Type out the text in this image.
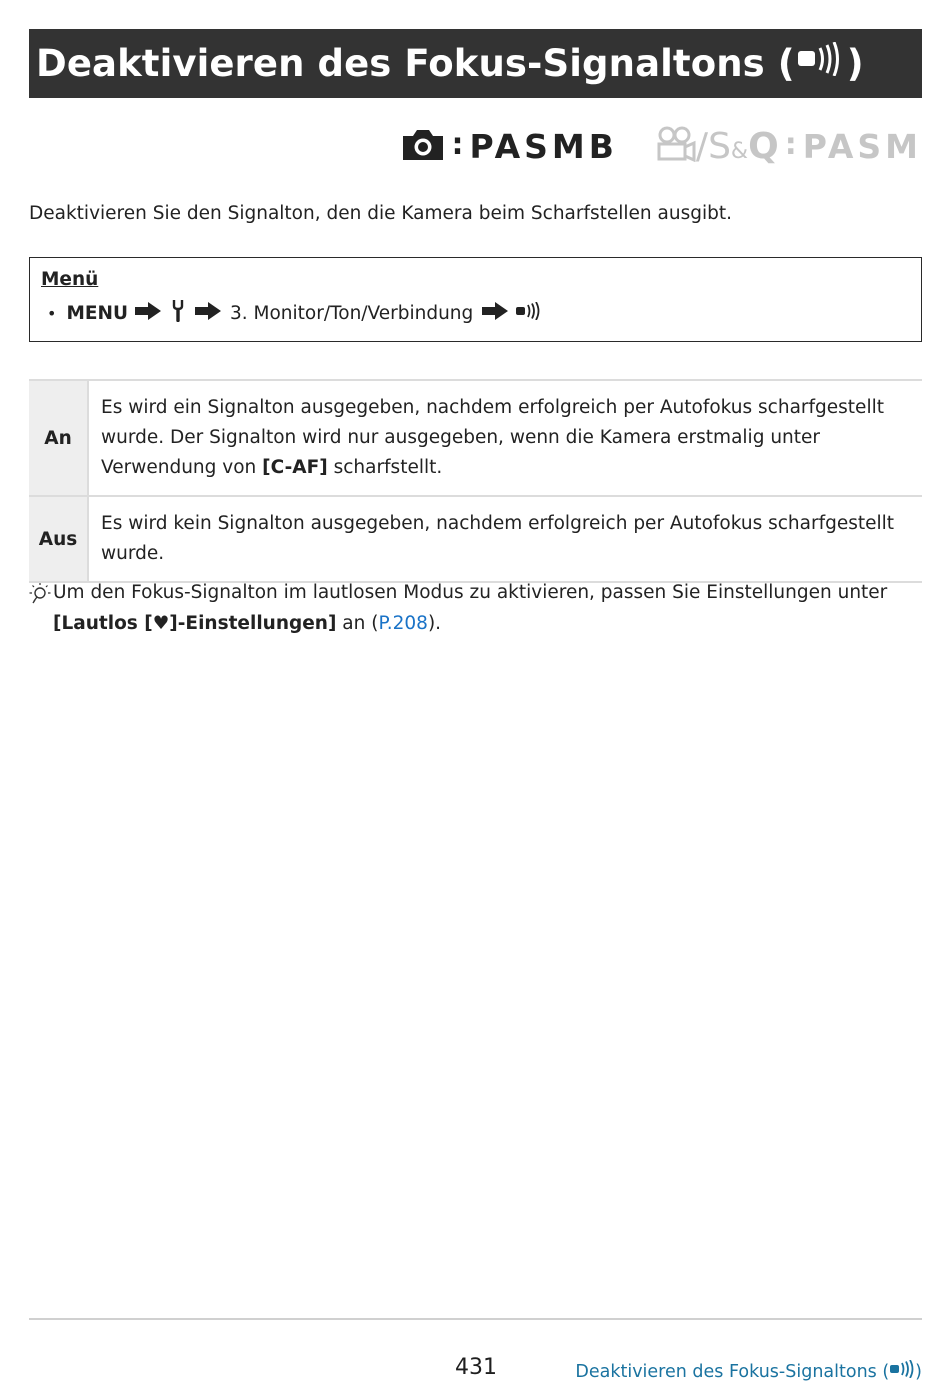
Deaktivieren des Fokus-Signaltons ( )
: PASMB / S&Q : PASM
Deaktivieren Sie den Signalton, den die Kamera beim Scharfstellen ausgibt.
Menü
• MENU	3. Monitor/Ton/Verbindung
An	Es wird ein Signalton ausgegeben, nachdem erfolgreich per Autofokus scharfgestellt wurde. Der Signalton wird nur ausgegeben, wenn die Kamera erstmalig unter Verwendung von [C-AF] scharfstellt.
Aus	Es wird kein Signalton ausgegeben, nachdem erfolgreich per Autofokus scharfgestellt wurde.
Um den Fokus-Signalton im lautlosen Modus zu aktivieren, passen Sie Einstellungen unter [Lautlos [♥]-Einstellungen] an (P.208).
431	Deaktivieren des Fokus-Signaltons ( )
